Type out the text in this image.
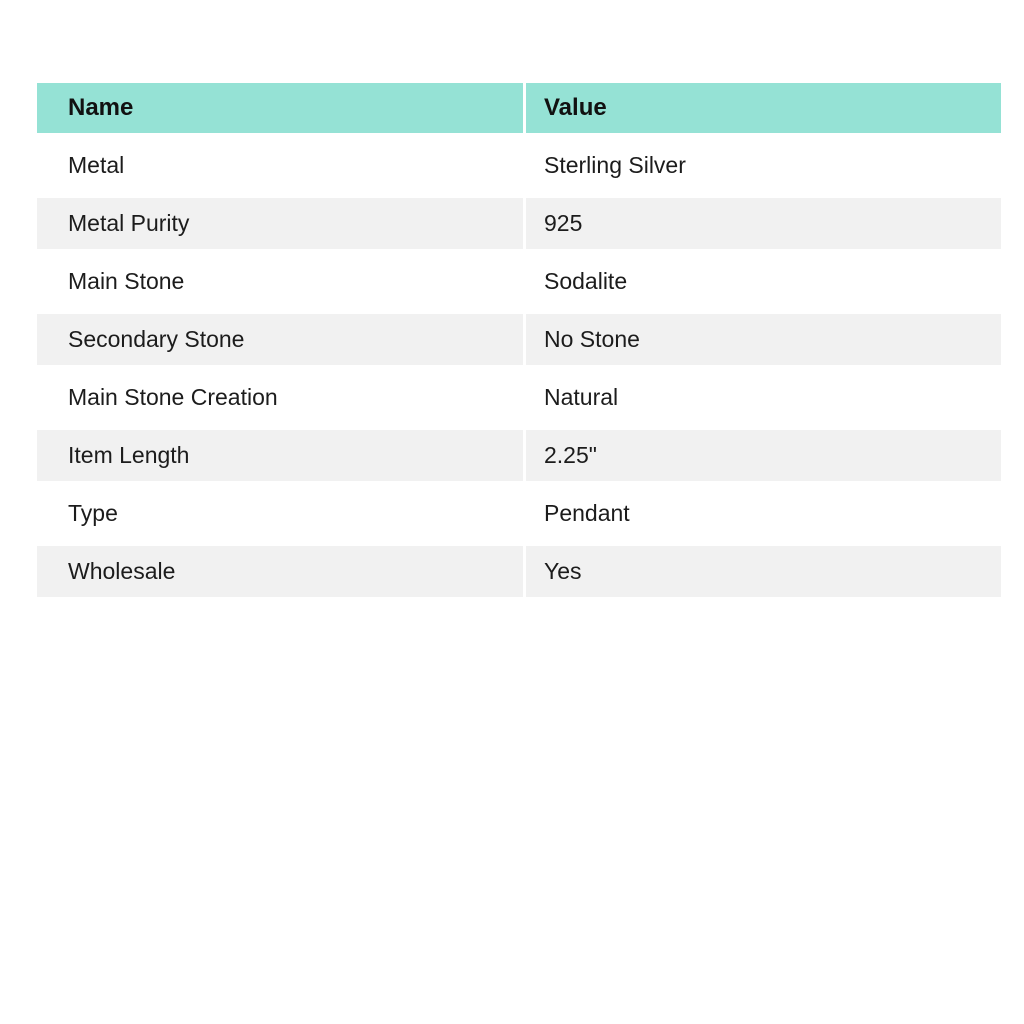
Name	Value
Metal	Sterling Silver
Metal Purity	925
Main Stone	Sodalite
Secondary Stone	No Stone
Main Stone Creation	Natural
Item Length	2.25"
Type	Pendant
Wholesale	Yes
